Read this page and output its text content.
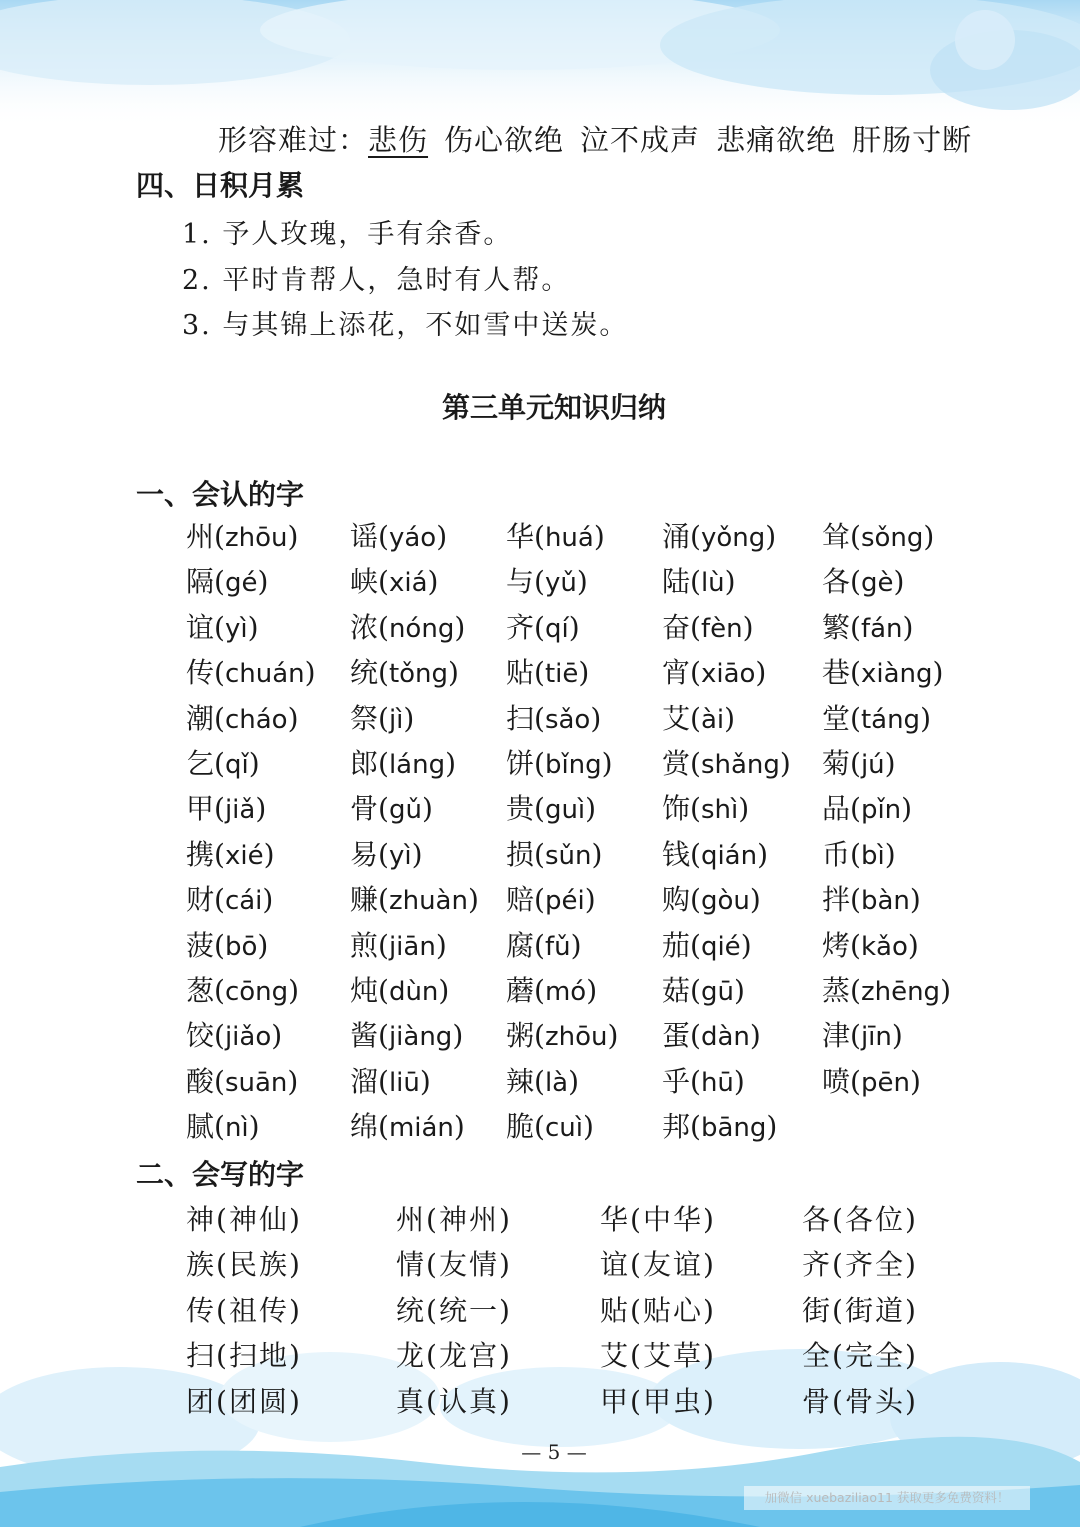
形容难过：悲伤 伤心欲绝 泣不成声 悲痛欲绝 肝肠寸断
四、日积月累
1. 予人玫瑰，手有余香。
2. 平时肯帮人，急时有人帮。
3. 与其锦上添花，不如雪中送炭。
第三单元知识归纳
一、会认的字
州(zhōu)	谣(yáo)	华(huá)	涌(yǒng)	耸(sǒng)
隔(gé)	峡(xiá)	与(yǔ)	陆(lù)	各(gè)
谊(yì)	浓(nóng)	齐(qí)	奋(fèn)	繁(fán)
传(chuán)	统(tǒng)	贴(tiē)	宵(xiāo)	巷(xiàng)
潮(cháo)	祭(jì)	扫(sǎo)	艾(ài)	堂(táng)
乞(qǐ)	郎(láng)	饼(bǐng)	赏(shǎng)	菊(jú)
甲(jiǎ)	骨(gǔ)	贵(guì)	饰(shì)	品(pǐn)
携(xié)	易(yì)	损(sǔn)	钱(qián)	币(bì)
财(cái)	赚(zhuàn) 赔(péi)	购(gòu)	拌(bàn)
菠(bō)	煎(jiān)	腐(fǔ)	茄(qié)	烤(kǎo)
葱(cōng)	炖(dùn)	蘑(mó)	菇(gū)	蒸(zhēng)
饺(jiǎo)	酱(jiàng)	粥(zhōu)	蛋(dàn)	津(jīn)
酸(suān)	溜(liū)	辣(là)	乎(hū)	喷(pēn)
腻(nì)	绵(mián)	脆(cuì)	邦(bāng)
二、会写的字
神(神仙)	州(神州)	华(中华)	各(各位)
族(民族)	情(友情)	谊(友谊)	齐(齐全)
传(祖传)	统(统一)	贴(贴心)	街(街道)
扫(扫地)	龙(龙宫)	艾(艾草)	全(完全)
团(团圆)	真(认真)	甲(甲虫)	骨(骨头)
— 5 —
加微信 xuebaziliao11 获取更多免费资料！
